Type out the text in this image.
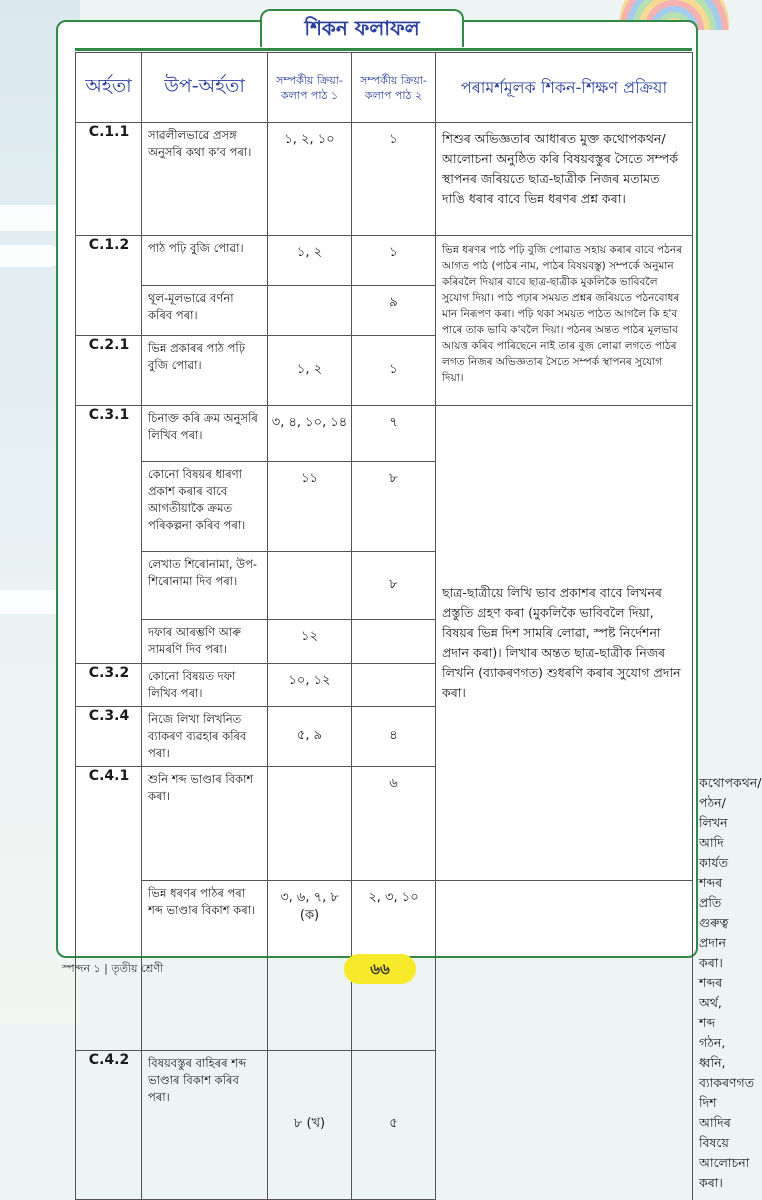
শিকন ফলাফল
অৰ্হতা	উপ-অৰ্হতা	সম্পৰ্কীয় ক্ৰিয়া-কলাপ পাঠ ১	সম্পৰ্কীয় ক্ৰিয়া-কলাপ পাঠ ২	পৰামৰ্শমূলক শিকন-শিক্ষণ প্ৰক্ৰিয়া	
C.1.1	সাৱলীলভাৱে প্ৰসঙ্গ অনুসৰি কথা ক'ব পৰা।	১, ২, ১০	১	শিশুৰ অভিজ্ঞতাৰ আধাৰত মুক্ত কথোপকথন/আলোচনা অনুষ্ঠিত কৰি বিষয়বস্তুৰ সৈতে সম্পৰ্ক স্থাপনৰ জৰিয়তে ছাত্ৰ-ছাত্ৰীক নিজৰ মতামত দাঙি ধৰাৰ বাবে ভিন্ন ধৰণৰ প্ৰশ্ন কৰা।	
C.1.2	পাঠ পঢ়ি বুজি পোৱা।	১, ২	১	ভিন্ন ধৰণৰ পাঠ পঢ়ি বুজি পোৱাত সহায় কৰাৰ বাবে পঠনৰ আগত পাঠ (পাঠৰ নাম, পাঠৰ বিষয়বস্তু) সম্পৰ্কে অনুমান কৰিবলৈ দিয়াৰ বাবে ছাত্ৰ-ছাত্ৰীক মুকলিকৈ ভাবিবলৈ সুযোগ দিয়া। পাঠ পঢ়াৰ সময়ত প্ৰশ্নৰ জৰিয়তে পঠনবোধৰ মান নিৰূপণ কৰা। পঢ়ি থকা সময়ত পাঠত আগলৈ কি হ'ব পাৰে তাক ভাবি ক'বলৈ দিয়া। পঠনৰ অন্তত পাঠৰ মূলভাব আয়ত্ত কৰিব পাৰিছেনে নাই তাৰ বুজ লোৱা লগতে পাঠৰ লগত নিজৰ অভিজ্ঞতাৰ সৈতে সম্পৰ্ক স্থাপনৰ সুযোগ দিয়া।	
	থূল-মূলভাৱে বৰ্ণনা কৰিব পৰা।		৯		
C.2.1	ভিন্ন প্ৰকাৰৰ পাঠ পঢ়ি বুজি পোৱা।	১, ২	১		
C.3.1	চিনাক্ত কৰি ক্ৰম অনুসৰি লিখিব পৰা।	৩, ৪, ১০, ১৪	৭	ছাত্ৰ-ছাত্ৰীয়ে লিখি ভাব প্ৰকাশৰ বাবে লিখনৰ প্ৰস্তুতি গ্ৰহণ কৰা (মুকলিকৈ ভাবিবলৈ দিয়া, বিষয়ৰ ভিন্ন দিশ সামৰি লোৱা, স্পষ্ট নিৰ্দেশনা প্ৰদান কৰা)। লিখাৰ অন্তত ছাত্ৰ-ছাত্ৰীক নিজৰ লিখনি (ব্যাকৰণগত) শুধৰণি কৰাৰ সুযোগ প্ৰদান কৰা।	
	কোনো বিষয়ৰ ধাৰণা প্ৰকাশ কৰাৰ বাবে আগতীয়াকৈ ক্ৰমত পৰিকল্পনা কৰিব পৰা।	১১	৮		
	লেখাত শিৰোনামা, উপ-শিৰোনামা দিব পৰা।		৮		
	দফাৰ আৰম্ভণি আৰু সামৰণি দিব পৰা।	১২			
C.3.2	কোনো বিষয়ত দফা লিখিব পৰা।	১০, ১২			
C.3.4	নিজে লিখা লিখনিত ব্যাকৰণ ব্যৱহাৰ কৰিব পৰা।	৫, ৯	৪		
C.4.1	শুনি শব্দ ভাণ্ডাৰ বিকাশ কৰা।		৬		কথোপকথন/পঠন/লিখন আদি কাৰ্যত শব্দৰ প্ৰতি গুৰুত্ব প্ৰদান কৰা। শব্দৰ অৰ্থ, শব্দ গঠন, ধ্বনি, ব্যাকৰণগত দিশ আদিৰ বিষয়ে আলোচনা কৰা।
	ভিন্ন ধৰণৰ পাঠৰ পৰা শব্দ ভাণ্ডাৰ বিকাশ কৰা।	৩, ৬, ৭, ৮ (ক)	২, ৩, ১০		
C.4.2	বিষয়বস্তুৰ বাহিৰৰ শব্দ ভাণ্ডাৰ বিকাশ কৰিব পৰা।	৮ (খ)	৫		
স্পন্দন ১ | তৃতীয় শ্ৰেণী	৬৬
